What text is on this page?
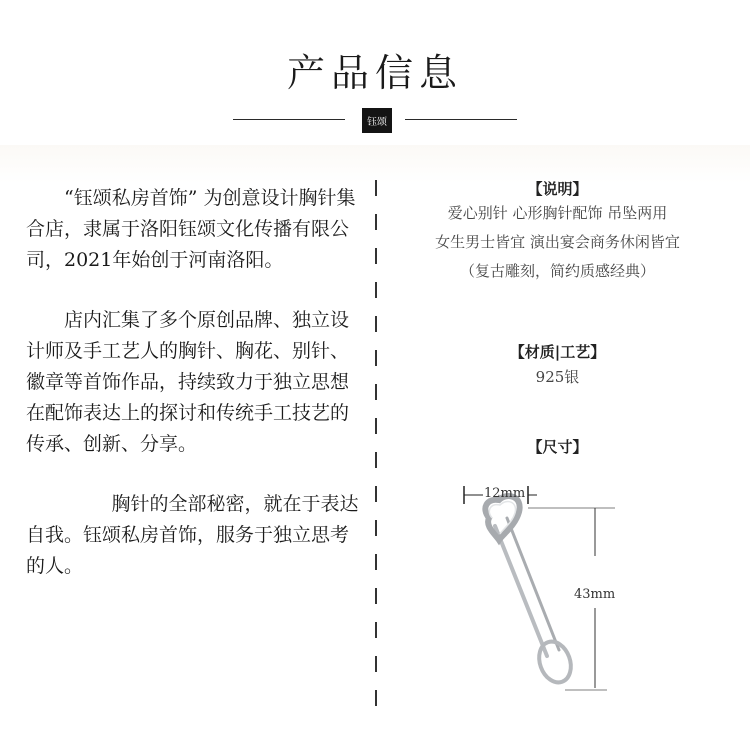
产品信息
钰颂

“钰颂私房首饰” 为创意设计胸针集合店，隶属于洛阳钰颂文化传播有限公司，2021年始创于河南洛阳。

店内汇集了多个原创品牌、独立设计师及手工艺人的胸针、胸花、别针、徽章等首饰作品，持续致力于独立思想在配饰表达上的探讨和传统手工技艺的传承、创新、分享。

胸针的全部秘密，就在于表达自我。钰颂私房首饰，服务于独立思考的人。

【说明】
爱心别针 心形胸针配饰 吊坠两用
女生男士皆宜 演出宴会商务休闲皆宜
（复古雕刻，简约质感经典）
【材质|工艺】
925银
【尺寸】
12mm
43mm
